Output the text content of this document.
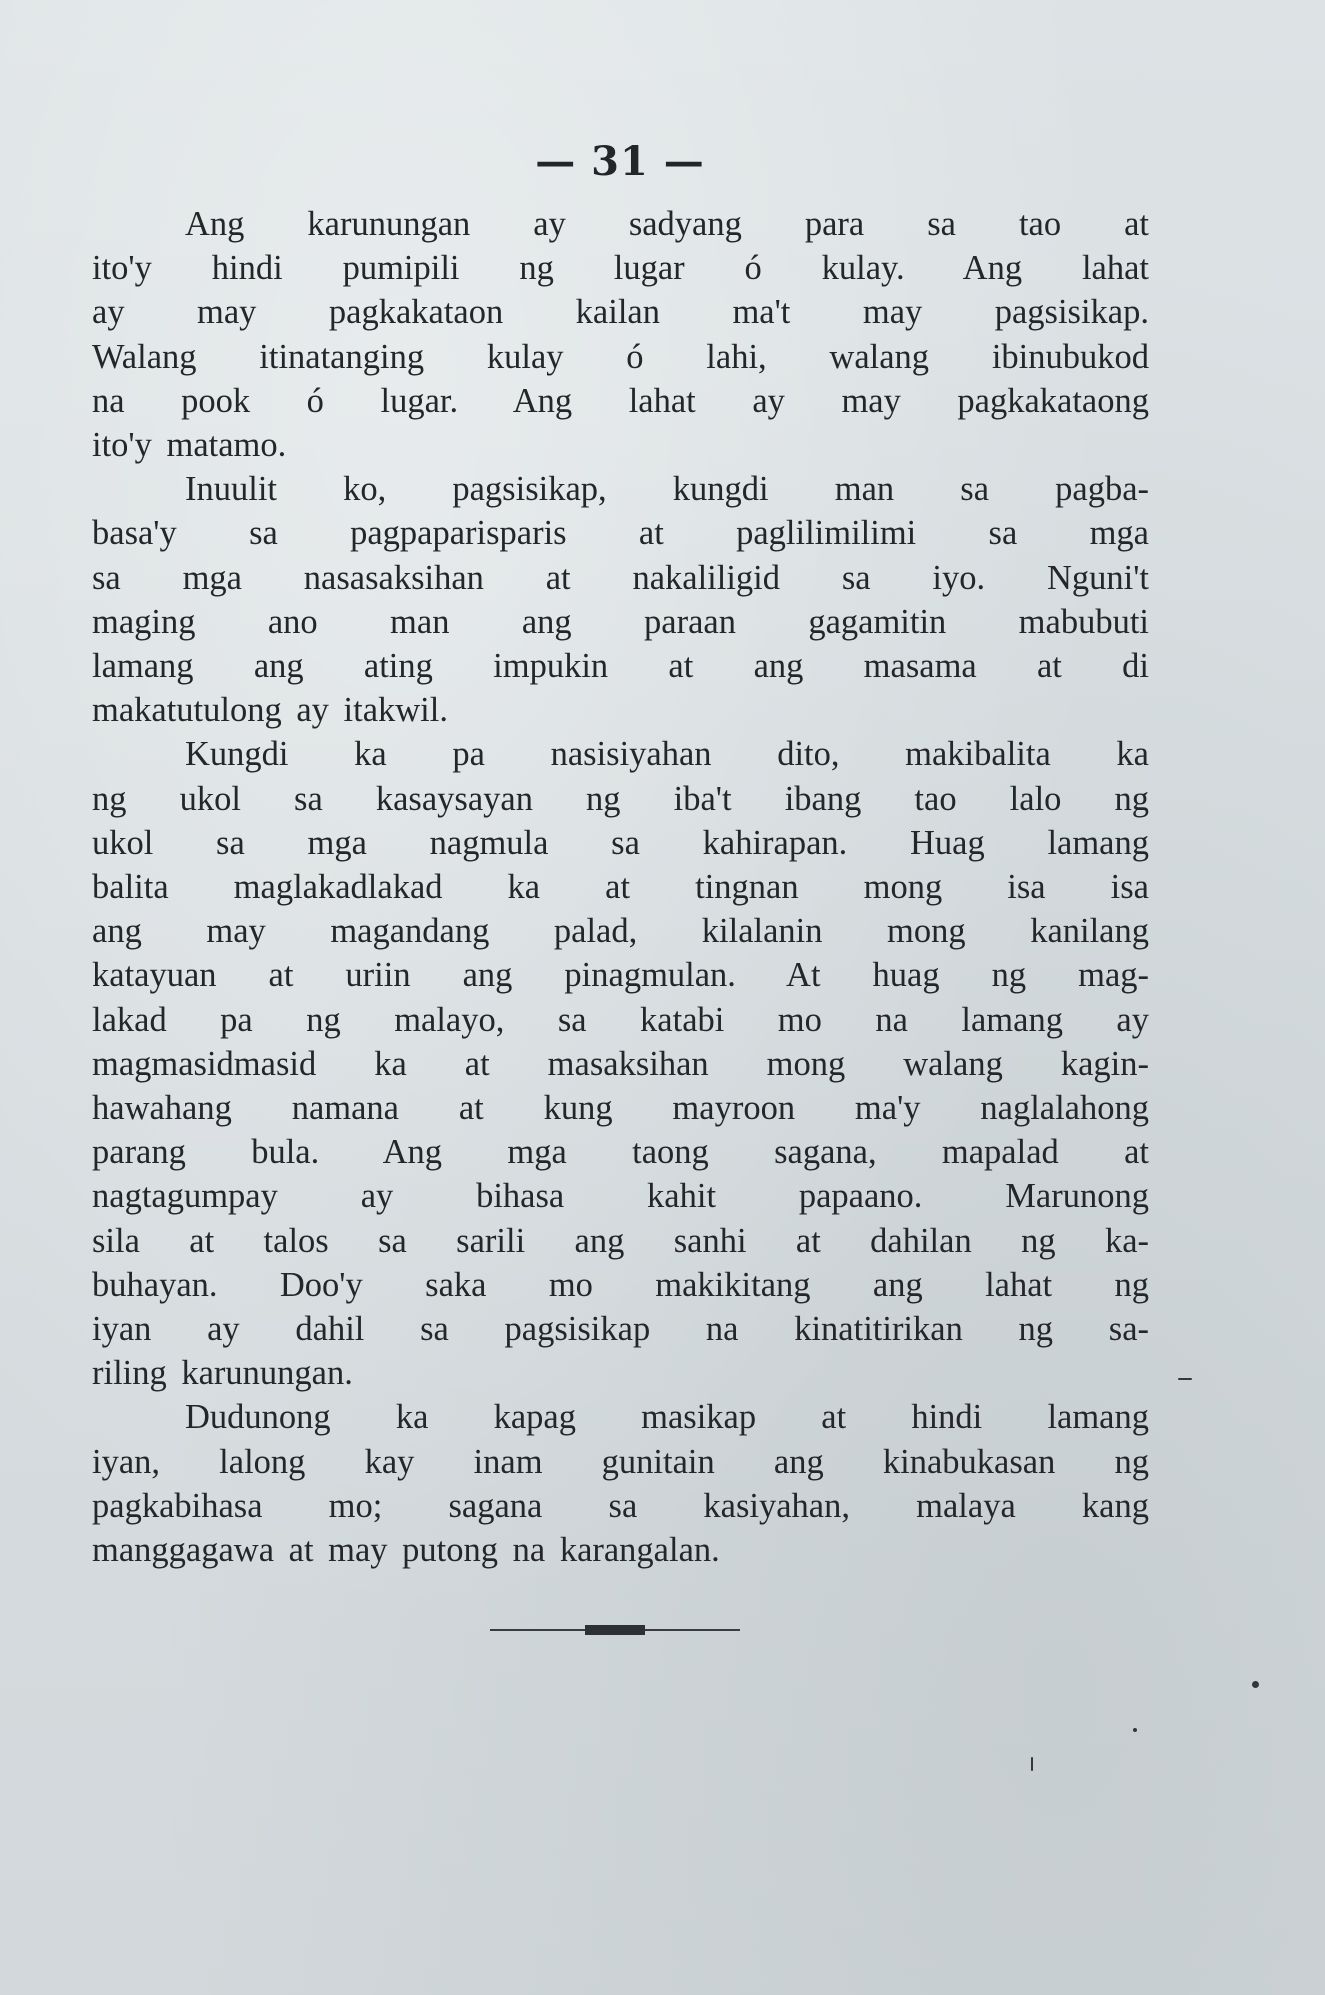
— 31 —
Ang karunungan ay sadyang para sa tao at
ito'y hindi pumipili ng lugar ó kulay. Ang lahat
ay may pagkakataon kailan ma't may pagsisikap.
Walang itinatanging kulay ó lahi, walang ibinubukod
na pook ó lugar. Ang lahat ay may pagkakataong
ito'y matamo.
Inuulit ko, pagsisikap, kungdi man sa pagba-
basa'y sa pagpaparisparis at paglilimilimi sa mga
sa mga nasasaksihan at nakaliligid sa iyo. Nguni't
maging ano man ang paraan gagamitin mabubuti
lamang ang ating impukin at ang masama at di
makatutulong ay itakwil.
Kungdi ka pa nasisiyahan dito, makibalita ka
ng ukol sa kasaysayan ng iba't ibang tao lalo ng
ukol sa mga nagmula sa kahirapan. Huag lamang
balita maglakadlakad ka at tingnan mong isa isa
ang may magandang palad, kilalanin mong kanilang
katayuan at uriin ang pinagmulan. At huag ng mag-
lakad pa ng malayo, sa katabi mo na lamang ay
magmasidmasid ka at masaksihan mong walang kagin-
hawahang namana at kung mayroon ma'y naglalahong
parang bula. Ang mga taong sagana, mapalad at
nagtagumpay ay bihasa kahit papaano. Marunong
sila at talos sa sarili ang sanhi at dahilan ng ka-
buhayan. Doo'y saka mo makikitang ang lahat ng
iyan ay dahil sa pagsisikap na kinatitirikan ng sa-
riling karunungan.
Dudunong ka kapag masikap at hindi lamang
iyan, lalong kay inam gunitain ang kinabukasan ng
pagkabihasa mo; sagana sa kasiyahan, malaya kang
manggagawa at may putong na karangalan.
